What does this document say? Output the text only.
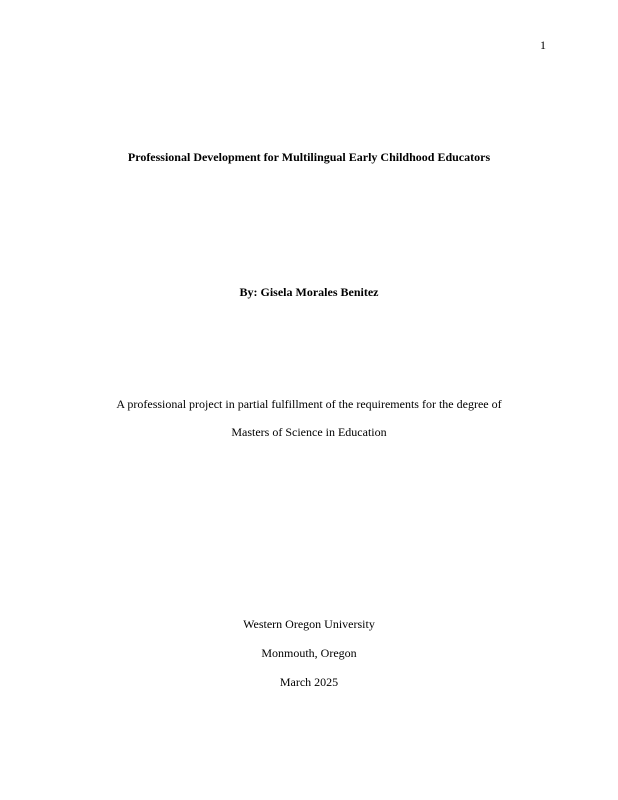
1
Professional Development for Multilingual Early Childhood Educators
By: Gisela Morales Benitez
A professional project in partial fulfillment of the requirements for the degree of
Masters of Science in Education
Western Oregon University
Monmouth, Oregon
March 2025
